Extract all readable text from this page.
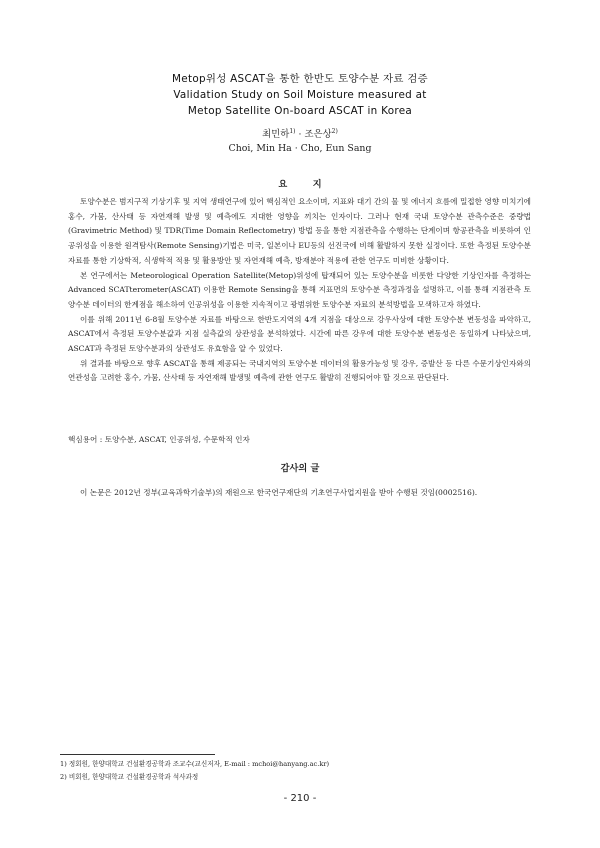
Metop위성 ASCAT을 통한 한반도 토양수분 자료 검증
Validation Study on Soil Moisture measured at
Metop Satellite On-board ASCAT in Korea
최민하$^{1)}$ · 조은상$^{2)}$
Choi, Min Ha · Cho, Eun Sang
요        지

토양수분은 범지구적 기상기후 및 지역 생태연구에 있어 핵심적인 요소이며, 지표와 대기 간의 물 및 에너지 흐름에 밀접한 영향 미치기에 홍수, 가뭄, 산사태 등 자연재해 발생 및 예측에도 지대한 영향을 끼치는 인자이다. 그러나 현재 국내 토양수분 관측수준은 중량법(Gravimetric Method) 및 TDR(Time Domain Reflectometry) 방법 등을 통한 지점관측을 수행하는 단계이며 항공관측을 비롯하여 인공위성을 이용한 원격탐사(Remote Sensing)기법은 미국, 일본이나 EU등의 선진국에 비해 활발하지 못한 실정이다. 또한 측정된 토양수분 자료를 통한 기상학적, 식생학적 적용 및 활용방안 및 자연재해 예측, 방재분야 적용에 관한 연구도 미비한 상황이다.

본 연구에서는 Meteorological Operation Satellite(Metop)위성에 탑재되어 있는 토양수분을 비롯한 다양한 기상인자를 측정하는 Advanced SCATterometer(ASCAT) 이용한 Remote Sensing을 통해 지표면의 토양수분 측정과정을 설명하고, 이를 통해 지점관측 토양수분 데이터의 한계점을 해소하여 인공위성을 이용한 지속적이고 광범위한 토양수분 자료의 분석방법을 모색하고자 하였다.

이를 위해 2011년 6-8월 토양수분 자료를 바탕으로 한반도지역의 4개 지점을 대상으로 강우사상에 대한 토양수분 변동성을 파악하고, ASCAT에서 측정된 토양수분값과 지점 실측값의 상관성을 분석하였다. 시간에 따른 강우에 대한 토양수분 변동성은 동일하게 나타났으며, ASCAT과 측정된 토양수분과의 상관성도 유효함을 알 수 있었다.

위 결과를 바탕으로 향후 ASCAT을 통해 제공되는 국내지역의 토양수분 데이터의 활용가능성 및 강우, 증발산 등 다른 수문기상인자와의 연관성을 고려한 홍수, 가뭄, 산사태 등 자연재해 발생및 예측에 관한 연구도 활발히 진행되어야 할 것으로 판단된다.

핵심용어 : 토양수분, ASCAT, 인공위성, 수문학적 인자
감사의 글
이 논문은 2012년 정부(교육과학기술부)의 재원으로 한국연구재단의 기초연구사업지원을 받아 수행된 것임(0002516).

1) 정회원, 한양대학교 건설환경공학과 조교수(교신저자, E-mail : mchoi@hanyang.ac.kr)

2) 비회원, 한양대학교 건설환경공학과 석사과정

- 210 -
